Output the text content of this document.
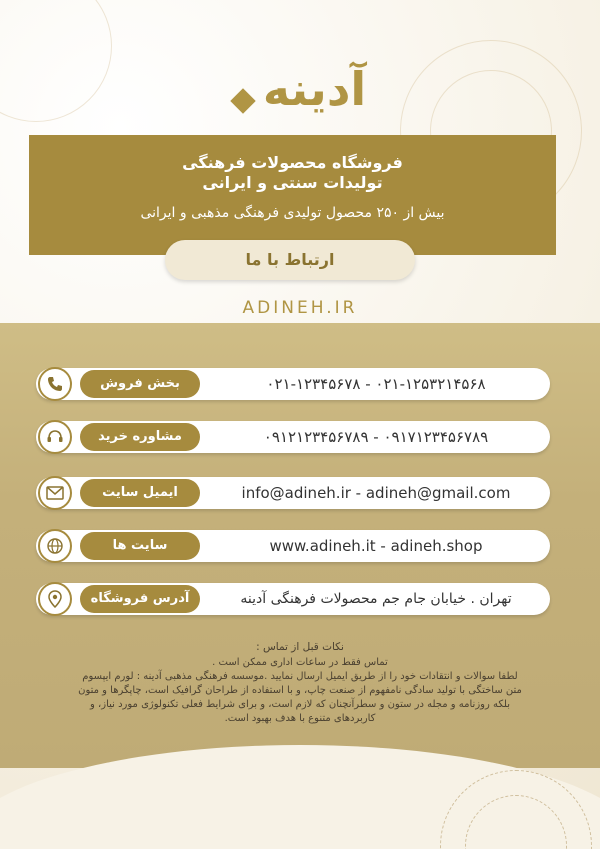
آدینه
فروشگاه محصولات فرهنگی
تولیدات سنتی و ایرانی
بیش از ۲۵۰ محصول تولیدی فرهنگی مذهبی و ایرانی
ارتباط با ما
ADINEH.IR
بخش فروش	۰۲۱-۱۲۳۴۵۶۷۸ - ۰۲۱-۱۲۵۳۲۱۴۵۶۸
مشاوره خرید	۰۹۱۲۱۲۳۴۵۶۷۸۹ - ۰۹۱۷۱۲۳۴۵۶۷۸۹
ایمیل سایت	info@adineh.ir - adineh@gmail.com
سایت ها	www.adineh.it - adineh.shop
آدرس فروشگاه	تهران . خیابان جام جم محصولات فرهنگی آدینه
نکات قبل از تماس :
تماس فقط در ساعات اداری ممکن است .
لطفا سوالات و انتقادات خود را از طریق ایمیل ارسال نمایید .موسسه فرهنگی مذهبی آدینه : لورم ایپسوم
متن ساختگی با تولید سادگی نامفهوم از صنعت چاپ، و با استفاده از طراحان گرافیک است، چاپگرها و متون
بلکه روزنامه و مجله در ستون و سطرآنچنان که لازم است، و برای شرایط فعلی تکنولوژی مورد نیاز، و
کاربردهای متنوع با هدف بهبود است.
